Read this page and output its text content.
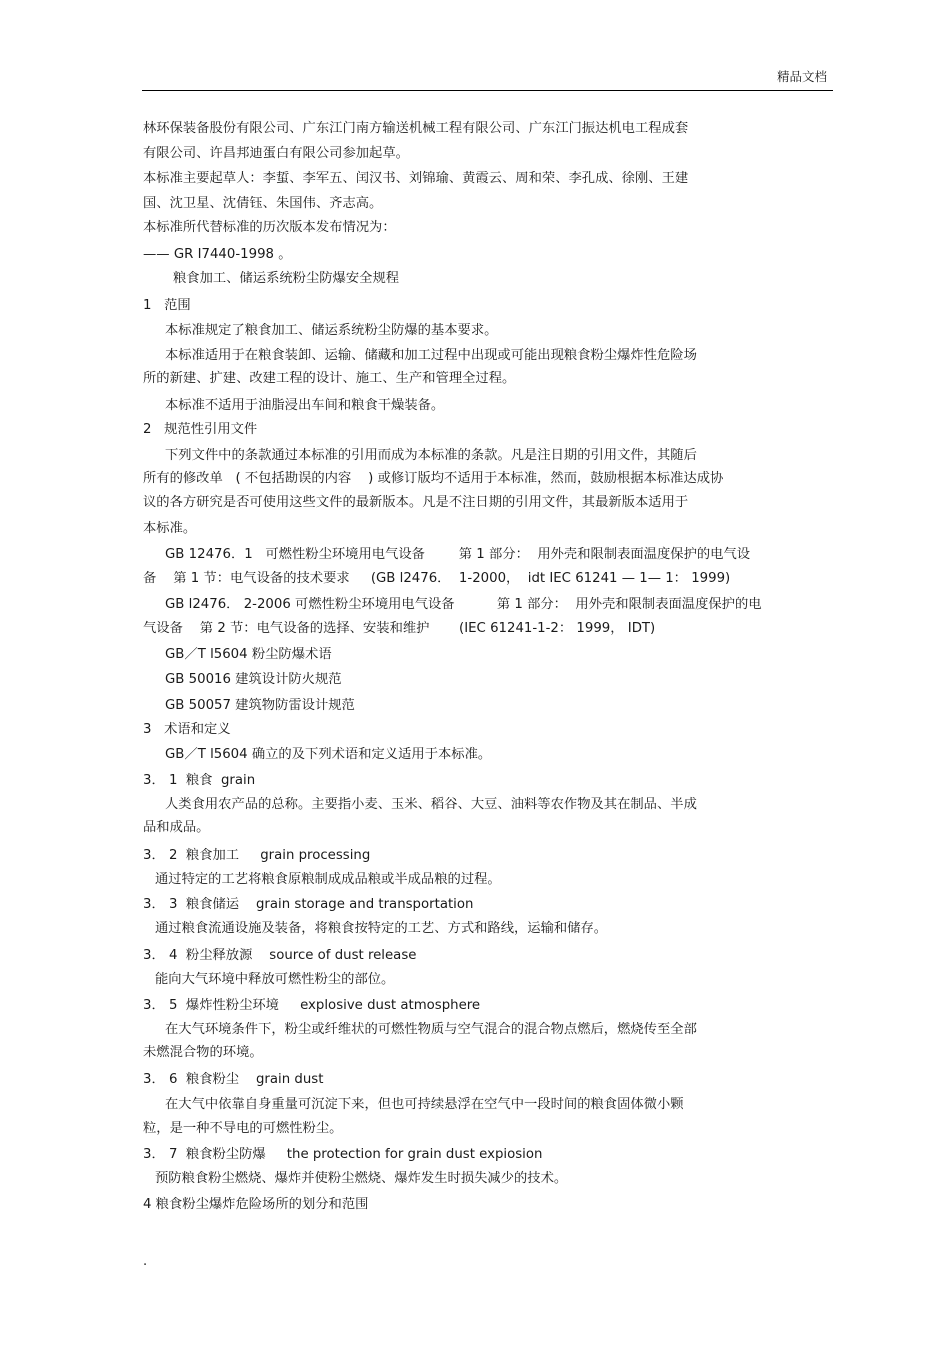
精品文档
林环保装备股份有限公司、广东江门南方输送机械工程有限公司、广东江门振达机电工程成套
有限公司、许昌邦迪蛋白有限公司参加起草。
本标准主要起草人：李蜇、李军五、闰汉书、刘锦瑜、黄霞云、周和荣、李孔成、徐刚、王建
国、沈卫星、沈倩钰、朱国伟、齐志高。
本标准所代替标准的历次版本发布情况为：
—— GR I7440-1998 。
粮食加工、储运系统粉尘防爆安全规程
1   范围
本标准规定了粮食加工、储运系统粉尘防爆的基本要求。
本标准适用于在粮食装卸、运输、储藏和加工过程中出现或可能出现粮食粉尘爆炸性危险场
所的新建、扩建、改建工程的设计、施工、生产和管理全过程。
本标准不适用于油脂浸出车间和粮食干燥装备。
2   规范性引用文件
下列文件中的条款通过本标准的引用而成为本标准的条款。凡是注日期的引用文件，其随后
所有的修改单   ( 不包括勘误的内容    ) 或修订版均不适用于本标准，然而，鼓励根据本标准达成协
议的各方研究是否可使用这些文件的最新版本。凡是不注日期的引用文件，其最新版本适用于
本标准。
GB 12476．1   可燃性粉尘环境用电气设备        第 1 部分：  用外壳和限制表面温度保护的电气设
备    第 1 节：电气设备的技术要求     (GB l2476．  1-2000，  idt IEC 61241 — 1— 1： 1999)
GB l2476． 2-2006 可燃性粉尘环境用电气设备          第 1 部分：  用外壳和限制表面温度保护的电
气设备    第 2 节：电气设备的选择、安装和维护       (IEC 61241-1-2： 1999， IDT)
GB／T l5604 粉尘防爆术语
GB 50016 建筑设计防火规范
GB 50057 建筑物防雷设计规范
3   术语和定义
GB／T l5604 确立的及下列术语和定义适用于本标准。
3． 1  粮食  grain
人类食用农产品的总称。主要指小麦、玉米、稻谷、大豆、油料等农作物及其在制品、半成
品和成品。
3． 2  粮食加工     grain processing
通过特定的工艺将粮食原粮制成成品粮或半成品粮的过程。
3． 3  粮食储运    grain storage and transportation
通过粮食流通设施及装备，将粮食按特定的工艺、方式和路线，运输和储存。
3． 4  粉尘释放源    source of dust release
能向大气环境中释放可燃性粉尘的部位。
3． 5  爆炸性粉尘环境     explosive dust atmosphere
在大气环境条件下，粉尘或纤维状的可燃性物质与空气混合的混合物点燃后，燃烧传至全部
未燃混合物的环境。
3． 6  粮食粉尘    grain dust
在大气中依靠自身重量可沉淀下来，但也可持续悬浮在空气中一段时间的粮食固体微小颗
粒，是一种不导电的可燃性粉尘。
3． 7  粮食粉尘防爆     the protection for grain dust expiosion
预防粮食粉尘燃烧、爆炸并使粉尘燃烧、爆炸发生时损失减少的技术。
4 粮食粉尘爆炸危险场所的划分和范围
.
